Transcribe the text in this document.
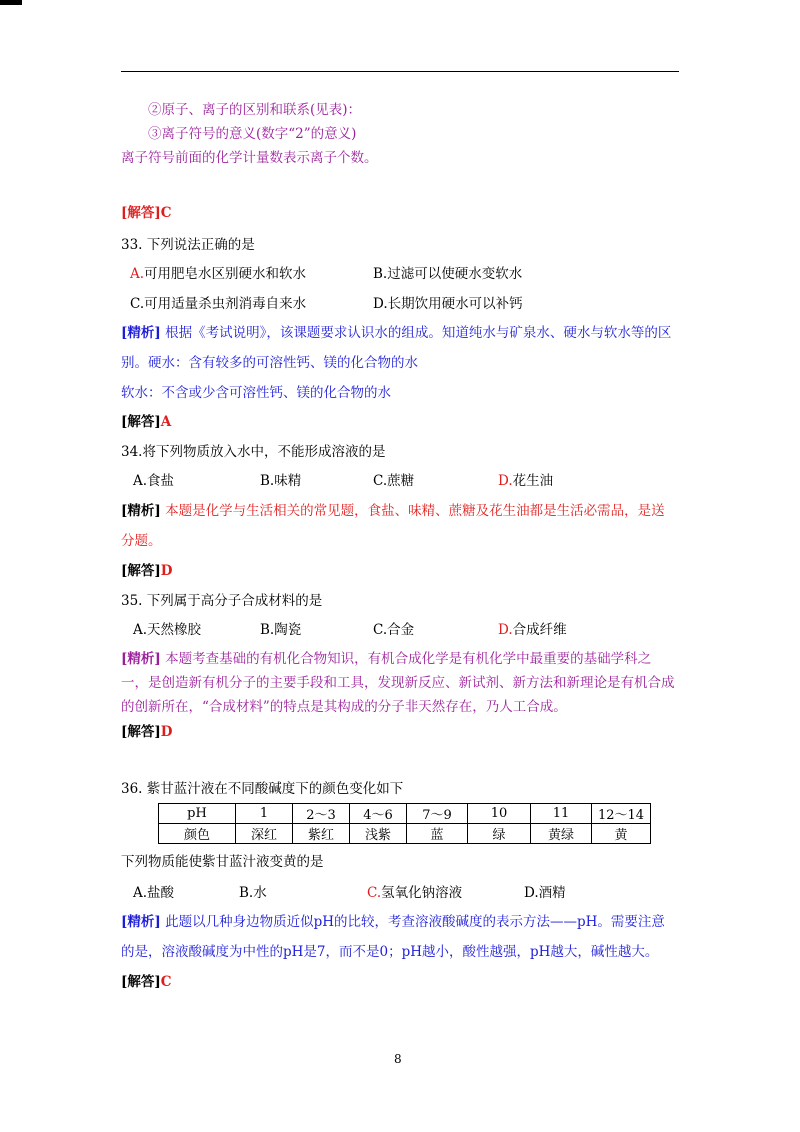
②原子、离子的区别和联系(见表)：
③离子符号的意义(数字“2”的意义)
离子符号前面的化学计量数表示离子个数。
[解答]C
33. 下列说法正确的是
A.可用肥皂水区别硬水和软水	B.过滤可以使硬水变软水
C.可用适量杀虫剂消毒自来水	D.长期饮用硬水可以补钙
[精析] 根据《考试说明》，该课题要求认识水的组成。知道纯水与矿泉水、硬水与软水等的区
别。硬水：含有较多的可溶性钙、镁的化合物的水
软水：不含或少含可溶性钙、镁的化合物的水
[解答]A
34.将下列物质放入水中，不能形成溶液的是
A.食盐	B.味精	C.蔗糖	D.花生油
[精析] 本题是化学与生活相关的常见题，食盐、味精、蔗糖及花生油都是生活必需品，是送
分题。
[解答]D
35. 下列属于高分子合成材料的是
A.天然橡胶	B.陶瓷	C.合金	D.合成纤维
[精析] 本题考查基础的有机化合物知识，有机合成化学是有机化学中最重要的基础学科之
一，是创造新有机分子的主要手段和工具，发现新反应、新试剂、新方法和新理论是有机合成
的创新所在，“合成材料”的特点是其构成的分子非天然存在，乃人工合成。
[解答]D
36. 紫甘蓝汁液在不同酸碱度下的颜色变化如下
pH	1	2～3	4～6	7～9	10	11	12～14
颜色	深红	紫红	浅紫	蓝	绿	黄绿	黄
下列物质能使紫甘蓝汁液变黄的是
A.盐酸	B.水	C.氢氧化钠溶液	D.酒精
[精析] 此题以几种身边物质近似pH的比较，考查溶液酸碱度的表示方法——pH。需要注意
的是，溶液酸碱度为中性的pH是7，而不是0；pH越小，酸性越强，pH越大，碱性越大。
[解答]C
8
